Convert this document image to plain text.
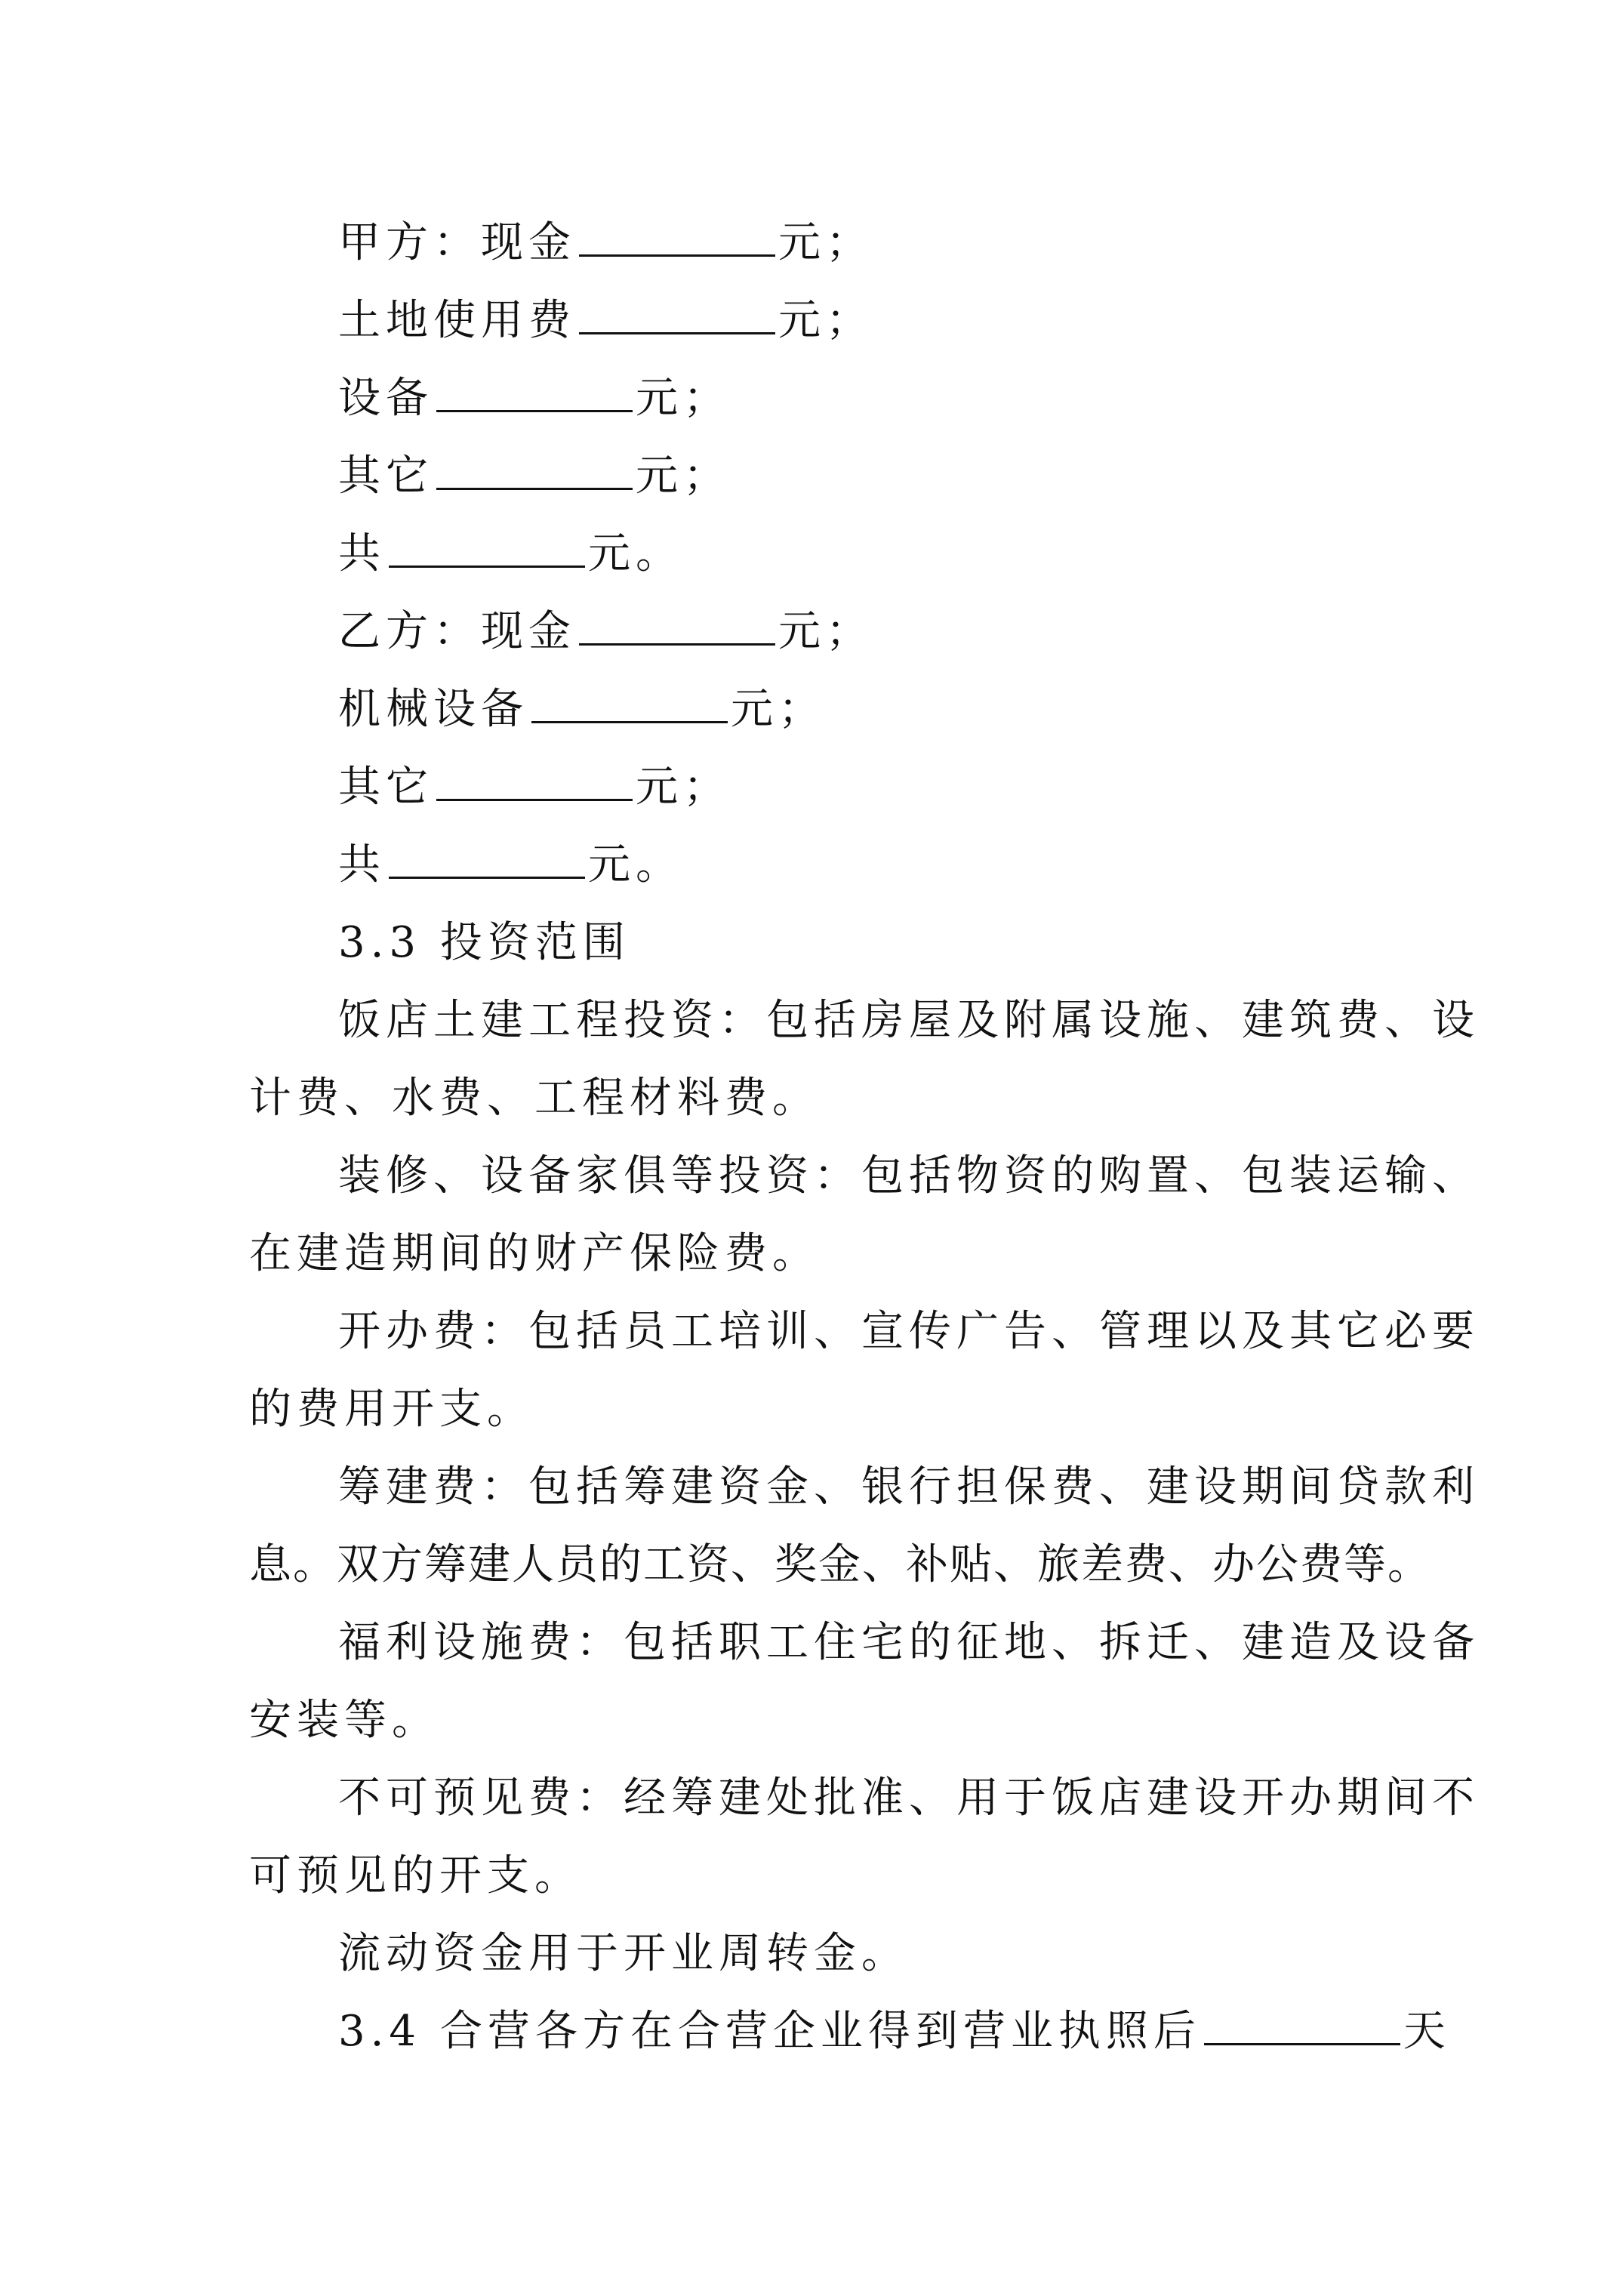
甲方：现金	元；
土地使用费	元；
设备	元；
其它	元；
共	元。
乙方：现金	元；
机械设备	元；
其它	元；
共	元。
3.3 投资范围
饭店土建工程投资：包括房屋及附属设施、建筑费、设
计费、水费、工程材料费。
装修、设备家俱等投资：包括物资的购置、包装运输、
在建造期间的财产保险费。
开办费：包括员工培训、宣传广告、管理以及其它必要
的费用开支。
筹建费：包括筹建资金、银行担保费、建设期间贷款利
息。双方筹建人员的工资、奖金、补贴、旅差费、办公费等。
福利设施费：包括职工住宅的征地、拆迁、建造及设备
安装等。
不可预见费：经筹建处批准、用于饭店建设开办期间不
可预见的开支。
流动资金用于开业周转金。
3.4 合营各方在合营企业得到营业执照后	天
